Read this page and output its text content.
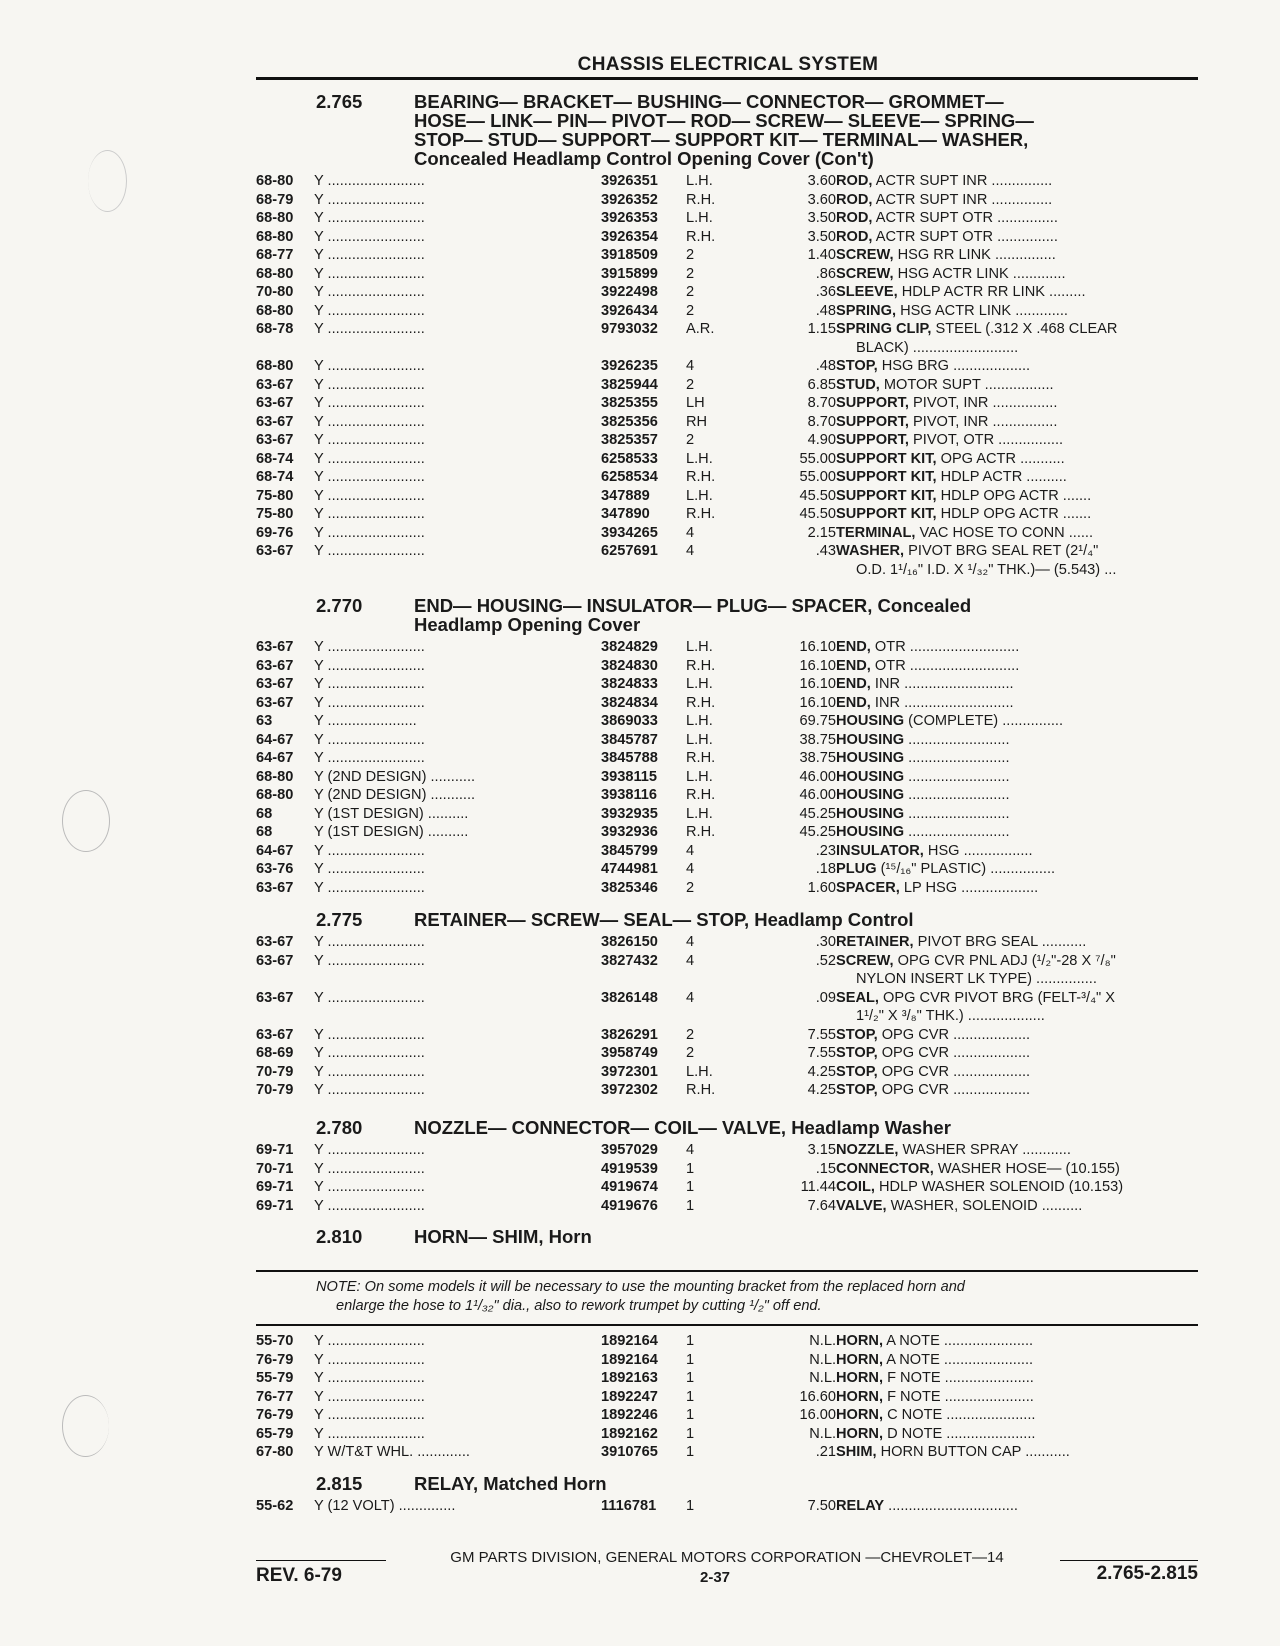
CHASSIS ELECTRICAL SYSTEM
2.765	BEARING— BRACKET— BUSHING— CONNECTOR— GROMMET—
HOSE— LINK— PIN— PIVOT— ROD— SCREW— SLEEVE— SPRING—
STOP— STUD— SUPPORT— SUPPORT KIT— TERMINAL— WASHER,
Concealed Headlamp Control Opening Cover (Con't)
68-80 Y ........................	3926351 L.H.	3.60 ROD, ACTR SUPT INR ...............
68-79 Y ........................	3926352 R.H.	3.60 ROD, ACTR SUPT INR ...............
68-80 Y ........................	3926353 L.H.	3.50 ROD, ACTR SUPT OTR ...............
68-80 Y ........................	3926354 R.H.	3.50 ROD, ACTR SUPT OTR ...............
68-77 Y ........................	3918509 2	1.40 SCREW, HSG RR LINK ...............
68-80 Y ........................	3915899 2	.86 SCREW, HSG ACTR LINK .............
70-80 Y ........................	3922498 2	.36 SLEEVE, HDLP ACTR RR LINK .........
68-80 Y ........................	3926434 2	.48 SPRING, HSG ACTR LINK .............
68-78 Y ........................	9793032 A.R.	1.15 SPRING CLIP, STEEL (.312 X .468 CLEAR
BLACK) ..........................
68-80 Y ........................	3926235 4	.48 STOP, HSG BRG ...................
63-67 Y ........................	3825944 2	6.85 STUD, MOTOR SUPT .................
63-67 Y ........................	3825355 LH	8.70 SUPPORT, PIVOT, INR ................
63-67 Y ........................	3825356 RH	8.70 SUPPORT, PIVOT, INR ................
63-67 Y ........................	3825357 2	4.90 SUPPORT, PIVOT, OTR ................
68-74 Y ........................	6258533 L.H.	55.00 SUPPORT KIT, OPG ACTR ...........
68-74 Y ........................	6258534 R.H.	55.00 SUPPORT KIT, HDLP ACTR ..........
75-80 Y ........................	347889 L.H.	45.50 SUPPORT KIT, HDLP OPG ACTR .......
75-80 Y ........................	347890 R.H.	45.50 SUPPORT KIT, HDLP OPG ACTR .......
69-76 Y ........................	3934265 4	2.15 TERMINAL, VAC HOSE TO CONN ......
63-67 Y ........................	6257691 4	.43 WASHER, PIVOT BRG SEAL RET (2¹/₄"
O.D. 1¹/₁₆" I.D. X ¹/₃₂" THK.)— (5.543) ...
2.770	END— HOUSING— INSULATOR— PLUG— SPACER, Concealed
Headlamp Opening Cover
63-67 Y ........................	3824829 L.H.	16.10 END, OTR ...........................
63-67 Y ........................	3824830 R.H.	16.10 END, OTR ...........................
63-67 Y ........................	3824833 L.H.	16.10 END, INR ...........................
63-67 Y ........................	3824834 R.H.	16.10 END, INR ...........................
63	Y ......................	3869033 L.H.	69.75 HOUSING (COMPLETE) ...............
64-67 Y ........................	3845787 L.H.	38.75 HOUSING .........................
64-67 Y ........................	3845788 R.H.	38.75 HOUSING .........................
68-80 Y (2ND DESIGN) ...........	3938115 L.H.	46.00 HOUSING .........................
68-80 Y (2ND DESIGN) ...........	3938116 R.H.	46.00 HOUSING .........................
68	Y (1ST DESIGN) ..........	3932935 L.H.	45.25 HOUSING .........................
68	Y (1ST DESIGN) ..........	3932936 R.H.	45.25 HOUSING .........................
64-67 Y ........................	3845799 4	.23 INSULATOR, HSG .................
63-76 Y ........................	4744981 4	.18 PLUG (¹⁵/₁₆" PLASTIC) ................
63-67 Y ........................	3825346 2	1.60 SPACER, LP HSG ...................
2.775	RETAINER— SCREW— SEAL— STOP, Headlamp Control
63-67 Y ........................	3826150 4	.30 RETAINER, PIVOT BRG SEAL ...........
63-67 Y ........................	3827432 4	.52 SCREW, OPG CVR PNL ADJ (¹/₂"-28 X ⁷/₈"
NYLON INSERT LK TYPE) ...............
63-67 Y ........................	3826148 4	.09 SEAL, OPG CVR PIVOT BRG (FELT-³/₄" X
1¹/₂" X ³/₈" THK.) ...................
63-67 Y ........................	3826291 2	7.55 STOP, OPG CVR ...................
68-69 Y ........................	3958749 2	7.55 STOP, OPG CVR ...................
70-79 Y ........................	3972301 L.H.	4.25 STOP, OPG CVR ...................
70-79 Y ........................	3972302 R.H.	4.25 STOP, OPG CVR ...................
2.780	NOZZLE— CONNECTOR— COIL— VALVE, Headlamp Washer
69-71 Y ........................	3957029 4	3.15 NOZZLE, WASHER SPRAY ............
70-71 Y ........................	4919539 1	.15 CONNECTOR, WASHER HOSE— (10.155)
69-71 Y ........................	4919674 1	11.44 COIL, HDLP WASHER SOLENOID (10.153)
69-71 Y ........................	4919676 1	7.64 VALVE, WASHER, SOLENOID ..........
2.810	HORN— SHIM, Horn
55-70 Y ........................	1892164 1	N.L. HORN, A NOTE ......................
76-79 Y ........................	1892164 1	N.L. HORN, A NOTE ......................
55-79 Y ........................	1892163 1	N.L. HORN, F NOTE ......................
76-77 Y ........................	1892247 1	16.60 HORN, F NOTE ......................
76-79 Y ........................	1892246 1	16.00 HORN, C NOTE ......................
65-79 Y ........................	1892162 1	N.L. HORN, D NOTE ......................
67-80 Y W/T&T WHL. .............	3910765 1	.21 SHIM, HORN BUTTON CAP ...........
2.815	RELAY, Matched Horn
55-62 Y (12 VOLT) ..............	1116781 1	7.50 RELAY ................................
NOTE: On some models it will be necessary to use the mounting bracket from the replaced horn and
enlarge the hose to 1¹/₃₂" dia., also to rework trumpet by cutting ¹/₂" off end.
GM PARTS DIVISION, GENERAL MOTORS CORPORATION —CHEVROLET—14
REV. 6-79	2-37	2.765-2.815
